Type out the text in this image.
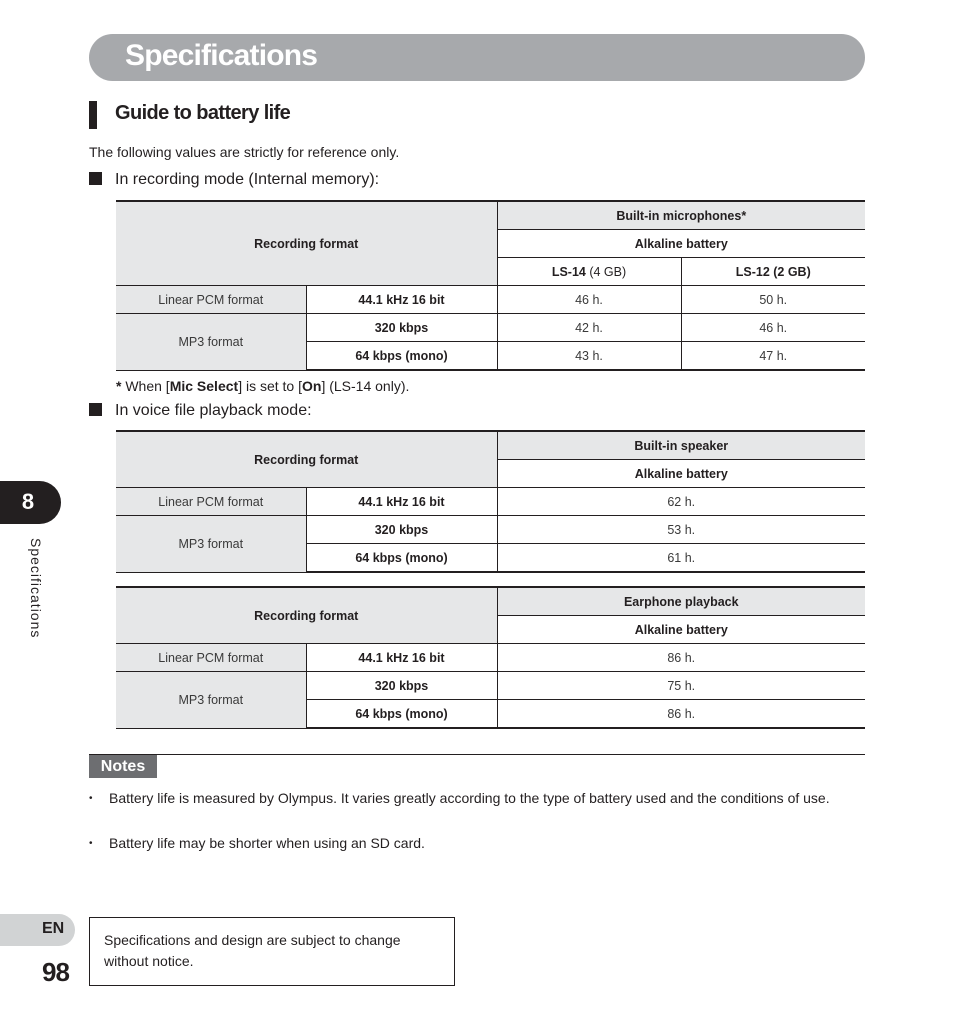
Specifications
Guide to battery life
The following values are strictly for reference only.
In recording mode (Internal memory):
Recording format		Built-in microphones*	
		Alkaline battery	
		LS-14 (4 GB)	LS-12 (2 GB)
Linear PCM format	44.1 kHz 16 bit	46 h.	50 h.
MP3 format	320 kbps	42 h.	46 h.
	64 kbps (mono)	43 h.	47 h.
* When [Mic Select] is set to [On] (LS-14 only).
In voice file playback mode:
Recording format		Built-in speaker
		Alkaline battery
Linear PCM format	44.1 kHz 16 bit	62 h.
MP3 format	320 kbps	53 h.
	64 kbps (mono)	61 h.
Recording format		Earphone playback
		Alkaline battery
Linear PCM format	44.1 kHz 16 bit	86 h.
MP3 format	320 kbps	75 h.
	64 kbps (mono)	86 h.
Notes
• Battery life is measured by Olympus. It varies greatly according to the type of battery used and the conditions of use.
• Battery life may be shorter when using an SD card.
8
Specifications
EN
98
Specifications and design are subject to change
without notice.
